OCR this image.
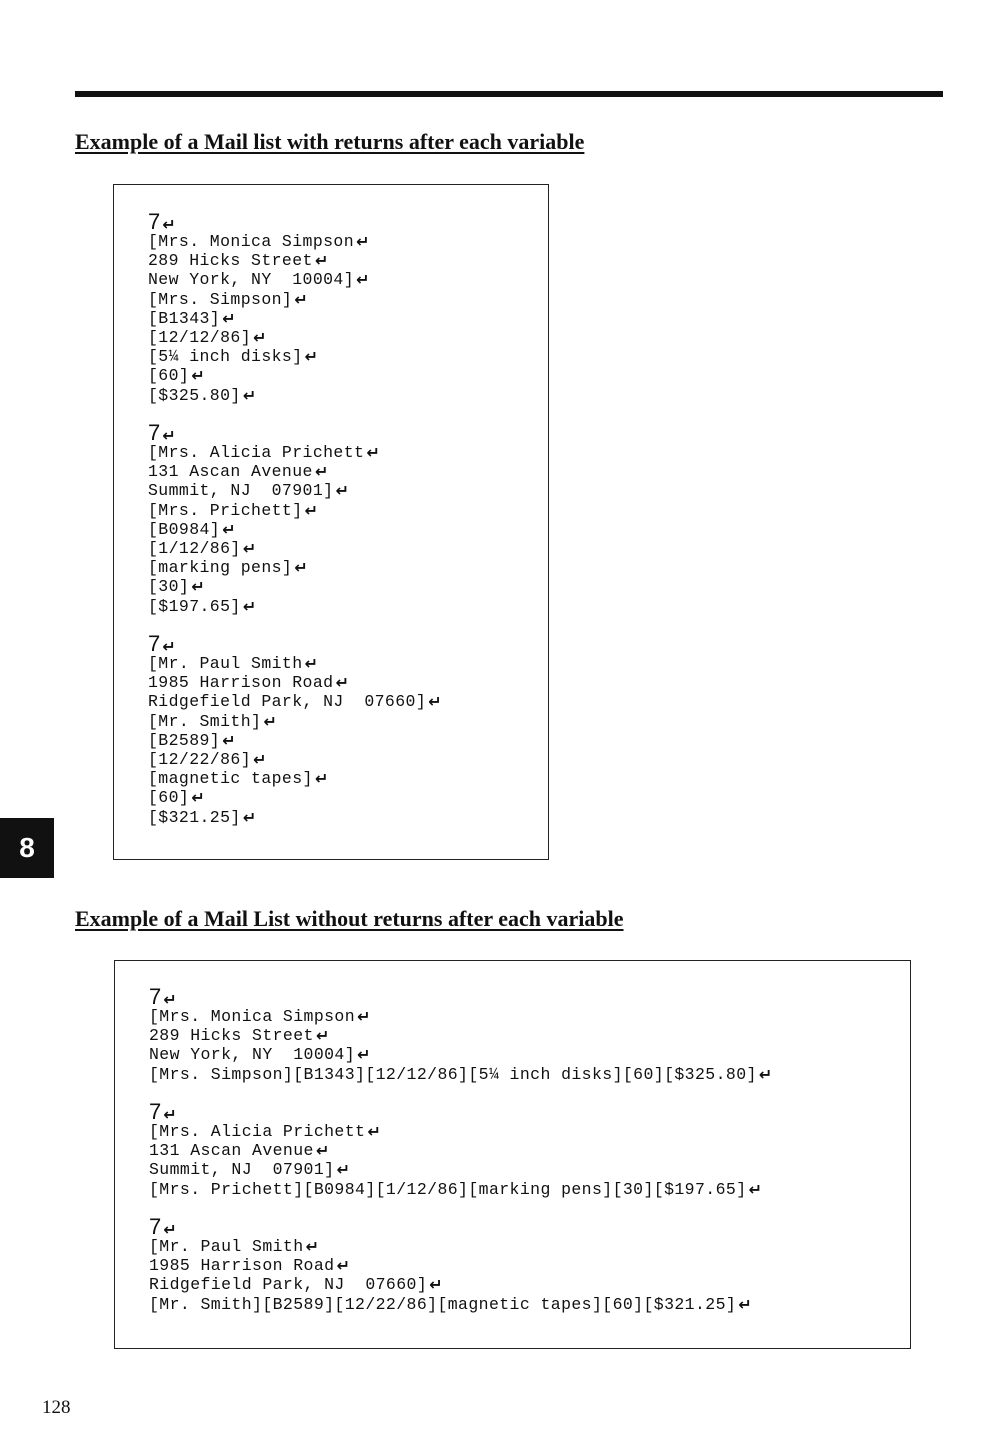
Example of a Mail list with returns after each variable
7 ↵
[Mrs. Monica Simpson ↵
289 Hicks Street ↵
New York, NY  10004] ↵
[Mrs. Simpson] ↵
[B1343] ↵
[12/12/86] ↵
[5¼ inch disks] ↵
[60] ↵
[$325.80] ↵
7 ↵
[Mrs. Alicia Prichett ↵
131 Ascan Avenue ↵
Summit, NJ  07901] ↵
[Mrs. Prichett] ↵
[B0984] ↵
[1/12/86] ↵
[marking pens] ↵
[30] ↵
[$197.65] ↵
7 ↵
[Mr. Paul Smith ↵
1985 Harrison Road ↵
Ridgefield Park, NJ  07660] ↵
[Mr. Smith] ↵
[B2589] ↵
[12/22/86] ↵
[magnetic tapes] ↵
[60] ↵
[$321.25] ↵
8
Example of a Mail List without returns after each variable
7 ↵
[Mrs. Monica Simpson ↵
289 Hicks Street ↵
New York, NY  10004] ↵
[Mrs. Simpson][B1343][12/12/86][5¼ inch disks][60][$325.80] ↵
7 ↵
[Mrs. Alicia Prichett ↵
131 Ascan Avenue ↵
Summit, NJ  07901] ↵
[Mrs. Prichett][B0984][1/12/86][marking pens][30][$197.65] ↵
7 ↵
[Mr. Paul Smith ↵
1985 Harrison Road ↵
Ridgefield Park, NJ  07660] ↵
[Mr. Smith][B2589][12/22/86][magnetic tapes][60][$321.25] ↵
128
